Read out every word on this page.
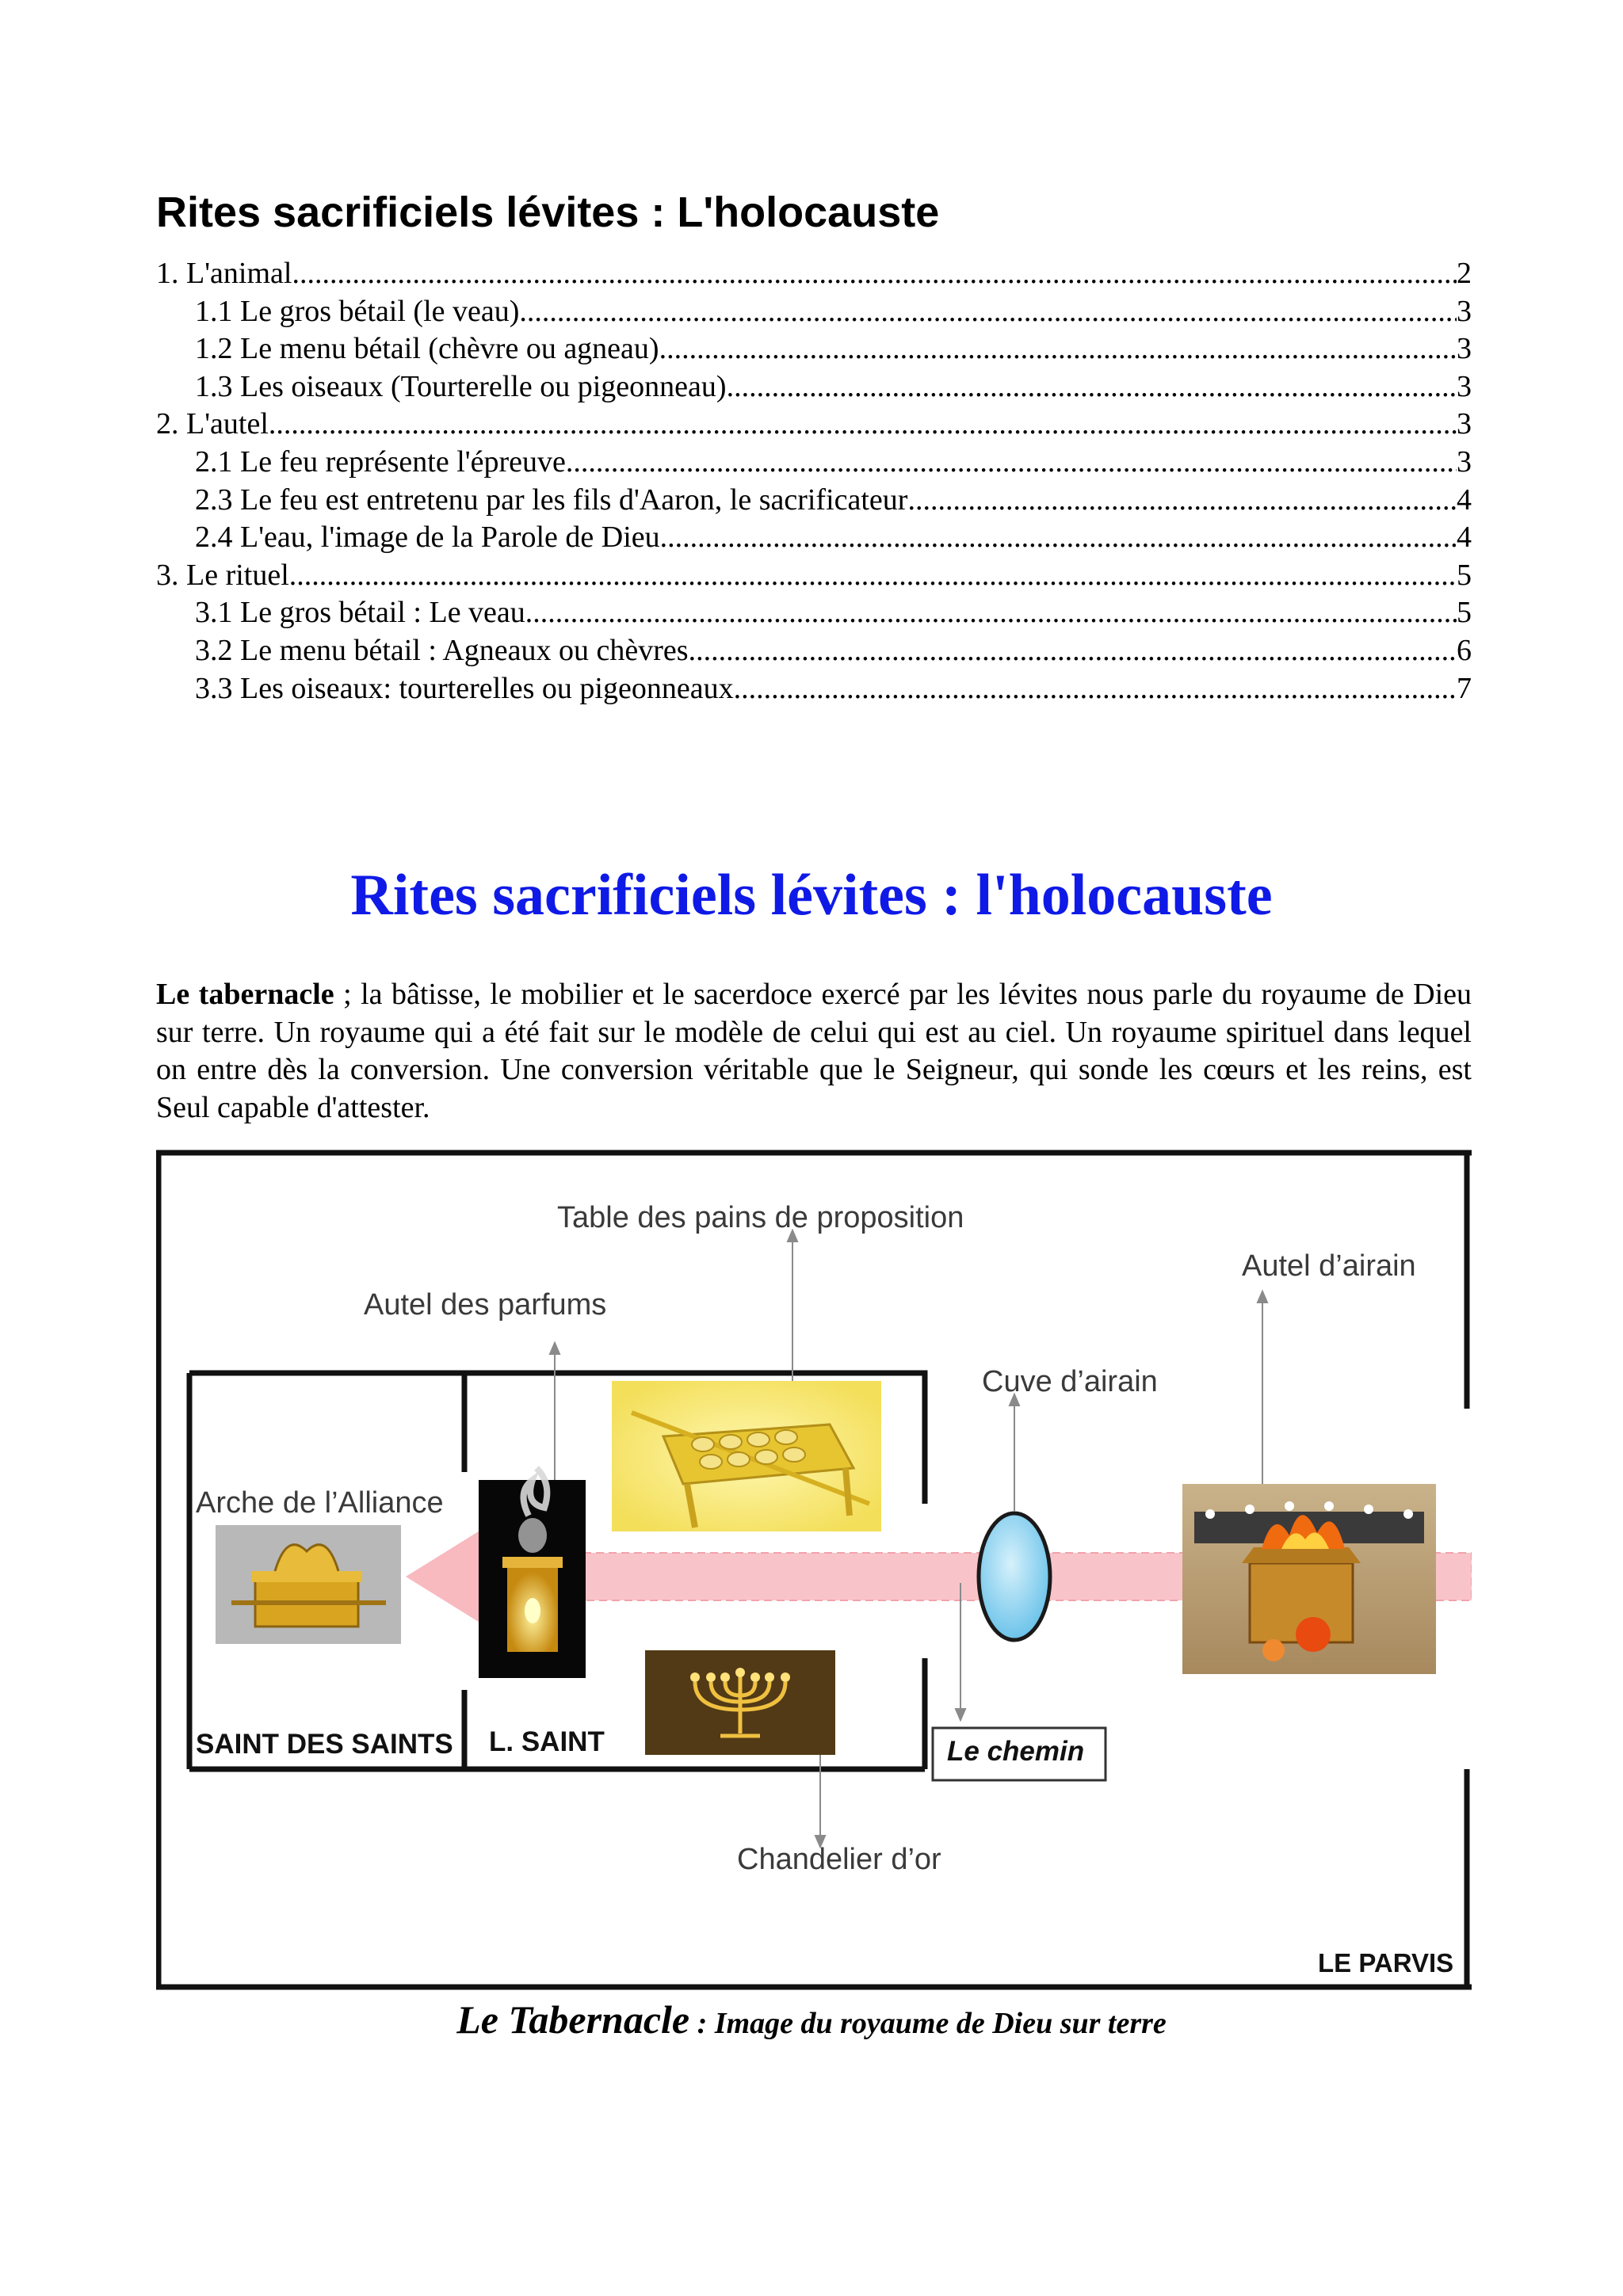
Rites sacrificiels lévites : L'holocauste
1. L'animal .....	2
1.1 Le gros bétail (le veau) .....	3
1.2 Le menu bétail (chèvre ou agneau) .....	3
1.3 Les oiseaux (Tourterelle ou pigeonneau) .....	3
2. L'autel .....	3
2.1 Le feu représente l'épreuve .....	3
2.3 Le feu est entretenu par les fils d'Aaron, le sacrificateur .....	4
2.4 L'eau, l'image de la Parole de Dieu .....	4
3. Le rituel .....	5
3.1 Le gros bétail : Le veau .....	5
3.2 Le menu bétail : Agneaux ou chèvres .....	6
3.3 Les oiseaux: tourterelles ou pigeonneaux .....	7
Rites sacrificiels lévites : l'holocauste

Le tabernacle ; la bâtisse, le mobilier et le sacerdoce exercé par les lévites nous parle du royaume de Dieu sur terre. Un royaume qui a été fait sur le modèle de celui qui est au ciel. Un royaume spirituel dans lequel on entre dès la conversion. Une conversion véritable que le Seigneur, qui sonde les cœurs et les reins, est Seul capable d'attester.

Table des pains de proposition
Autel des parfums
Autel d’airain
Cuve d’airain
Arche de l’Alliance
SAINT DES SAINTS L. SAINT	Le chemin
Chandelier d’or
LE PARVIS
Le Tabernacle : Image du royaume de Dieu sur terre
